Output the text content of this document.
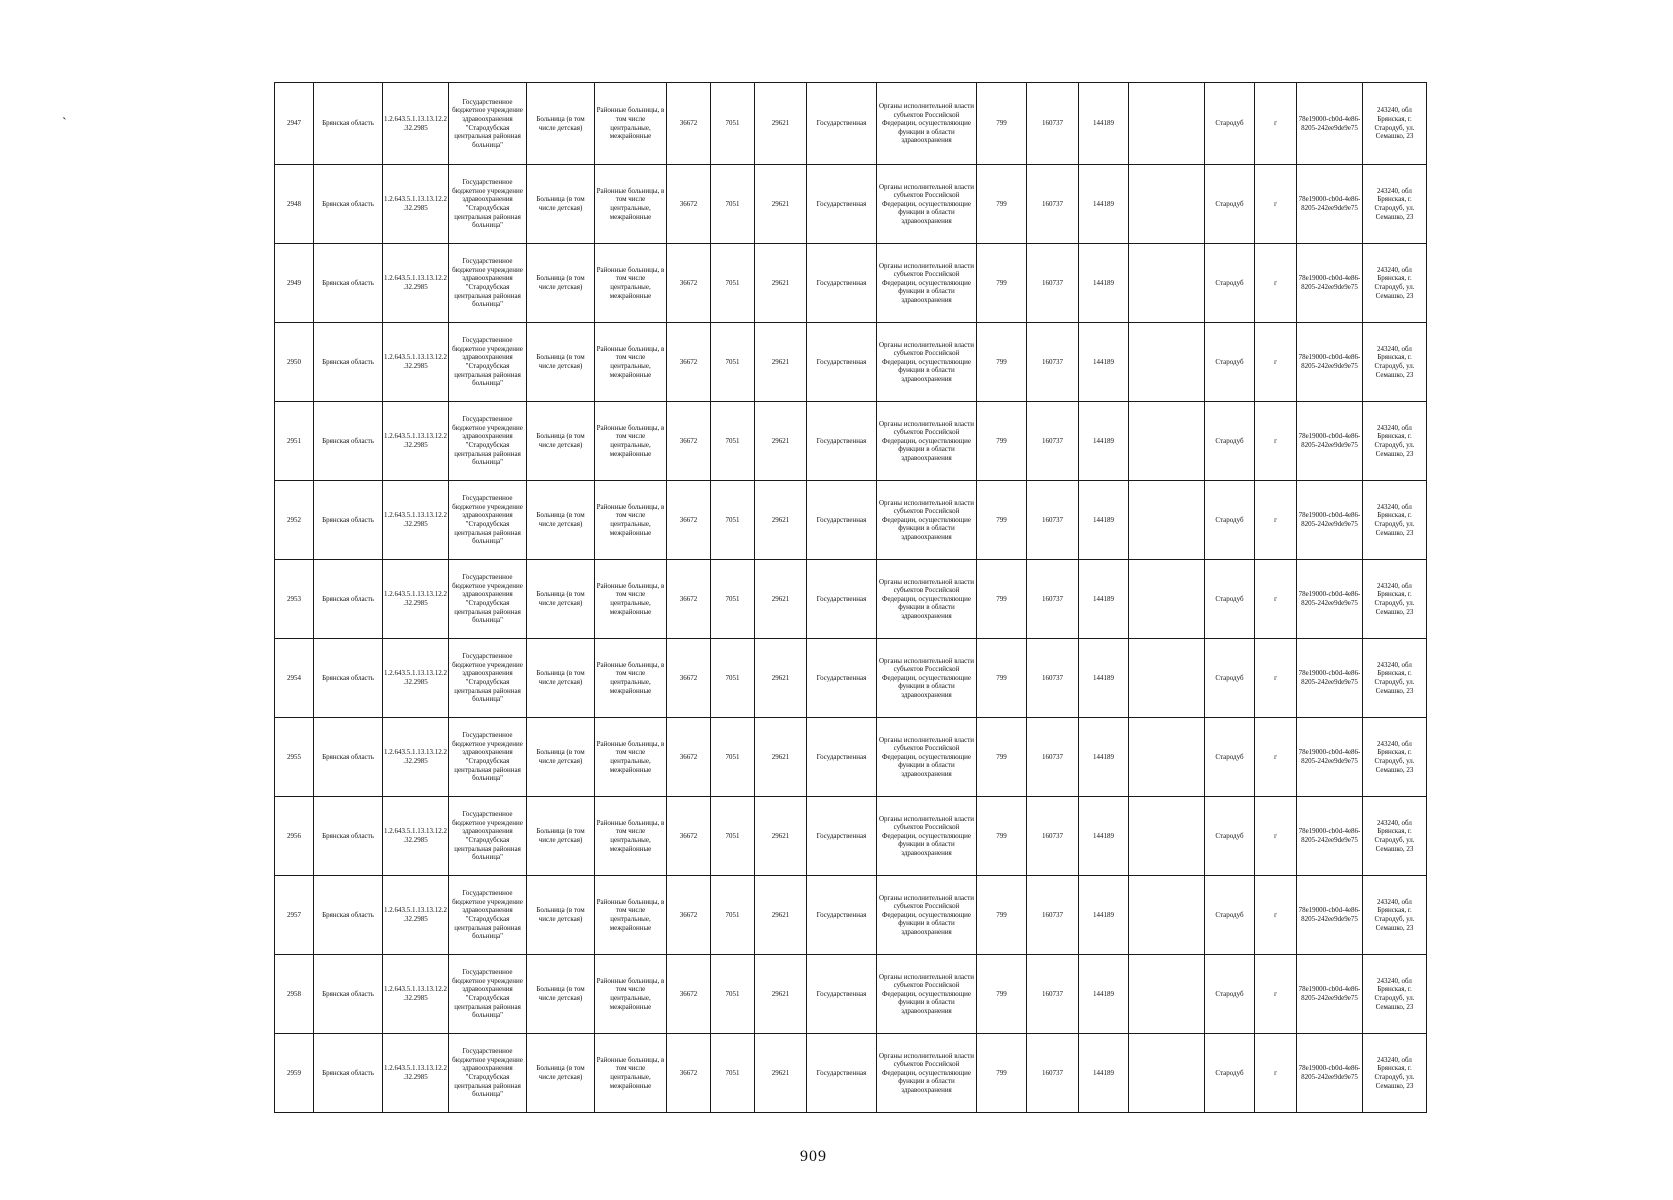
`	2947	Брянская область	1.2.643.5.1.13.13.12.2.32.2985	Государственное бюджетное учреждение здравоохранения "Стародубская центральная районная больница"	Больница (в том числе детская)	Районные больницы, в том числе центральные, межрайонные	36672	7051	29621	Государственная	Органы исполнительной власти субъектов Российской Федерации, осуществляющие функции в области здравоохранения	799	160737	144189		Стародуб	г	78e19000-cb0d-4e86-8205-242ee9de9e75	243240, обл Брянская, г. Стародуб, ул. Семашко, 23
2948	Брянская область	1.2.643.5.1.13.13.12.2.32.2985	Государственное бюджетное учреждение здравоохранения "Стародубская центральная районная больница"	Больница (в том числе детская)	Районные больницы, в том числе центральные, межрайонные	36672	7051	29621	Государственная	Органы исполнительной власти субъектов Российской Федерации, осуществляющие функции в области здравоохранения	799	160737	144189		Стародуб	г	78e19000-cb0d-4e86-8205-242ee9de9e75	243240, обл Брянская, г. Стародуб, ул. Семашко, 23
2949	Брянская область	1.2.643.5.1.13.13.12.2.32.2985	Государственное бюджетное учреждение здравоохранения "Стародубская центральная районная больница"	Больница (в том числе детская)	Районные больницы, в том числе центральные, межрайонные	36672	7051	29621	Государственная	Органы исполнительной власти субъектов Российской Федерации, осуществляющие функции в области здравоохранения	799	160737	144189		Стародуб	г	78e19000-cb0d-4e86-8205-242ee9de9e75	243240, обл Брянская, г. Стародуб, ул. Семашко, 23
2950	Брянская область	1.2.643.5.1.13.13.12.2.32.2985	Государственное бюджетное учреждение здравоохранения "Стародубская центральная районная больница"	Больница (в том числе детская)	Районные больницы, в том числе центральные, межрайонные	36672	7051	29621	Государственная	Органы исполнительной власти субъектов Российской Федерации, осуществляющие функции в области здравоохранения	799	160737	144189		Стародуб	г	78e19000-cb0d-4e86-8205-242ee9de9e75	243240, обл Брянская, г. Стародуб, ул. Семашко, 23
2951	Брянская область	1.2.643.5.1.13.13.12.2.32.2985	Государственное бюджетное учреждение здравоохранения "Стародубская центральная районная больница"	Больница (в том числе детская)	Районные больницы, в том числе центральные, межрайонные	36672	7051	29621	Государственная	Органы исполнительной власти субъектов Российской Федерации, осуществляющие функции в области здравоохранения	799	160737	144189		Стародуб	г	78e19000-cb0d-4e86-8205-242ee9de9e75	243240, обл Брянская, г. Стародуб, ул. Семашко, 23
2952	Брянская область	1.2.643.5.1.13.13.12.2.32.2985	Государственное бюджетное учреждение здравоохранения "Стародубская центральная районная больница"	Больница (в том числе детская)	Районные больницы, в том числе центральные, межрайонные	36672	7051	29621	Государственная	Органы исполнительной власти субъектов Российской Федерации, осуществляющие функции в области здравоохранения	799	160737	144189		Стародуб	г	78e19000-cb0d-4e86-8205-242ee9de9e75	243240, обл Брянская, г. Стародуб, ул. Семашко, 23
2953	Брянская область	1.2.643.5.1.13.13.12.2.32.2985	Государственное бюджетное учреждение здравоохранения "Стародубская центральная районная больница"	Больница (в том числе детская)	Районные больницы, в том числе центральные, межрайонные	36672	7051	29621	Государственная	Органы исполнительной власти субъектов Российской Федерации, осуществляющие функции в области здравоохранения	799	160737	144189		Стародуб	г	78e19000-cb0d-4e86-8205-242ee9de9e75	243240, обл Брянская, г. Стародуб, ул. Семашко, 23
2954	Брянская область	1.2.643.5.1.13.13.12.2.32.2985	Государственное бюджетное учреждение здравоохранения "Стародубская центральная районная больница"	Больница (в том числе детская)	Районные больницы, в том числе центральные, межрайонные	36672	7051	29621	Государственная	Органы исполнительной власти субъектов Российской Федерации, осуществляющие функции в области здравоохранения	799	160737	144189		Стародуб	г	78e19000-cb0d-4e86-8205-242ee9de9e75	243240, обл Брянская, г. Стародуб, ул. Семашко, 23
2955	Брянская область	1.2.643.5.1.13.13.12.2.32.2985	Государственное бюджетное учреждение здравоохранения "Стародубская центральная районная больница"	Больница (в том числе детская)	Районные больницы, в том числе центральные, межрайонные	36672	7051	29621	Государственная	Органы исполнительной власти субъектов Российской Федерации, осуществляющие функции в области здравоохранения	799	160737	144189		Стародуб	г	78e19000-cb0d-4e86-8205-242ee9de9e75	243240, обл Брянская, г. Стародуб, ул. Семашко, 23
2956	Брянская область	1.2.643.5.1.13.13.12.2.32.2985	Государственное бюджетное учреждение здравоохранения "Стародубская центральная районная больница"	Больница (в том числе детская)	Районные больницы, в том числе центральные, межрайонные	36672	7051	29621	Государственная	Органы исполнительной власти субъектов Российской Федерации, осуществляющие функции в области здравоохранения	799	160737	144189		Стародуб	г	78e19000-cb0d-4e86-8205-242ee9de9e75	243240, обл Брянская, г. Стародуб, ул. Семашко, 23
2957	Брянская область	1.2.643.5.1.13.13.12.2.32.2985	Государственное бюджетное учреждение здравоохранения "Стародубская центральная районная больница"	Больница (в том числе детская)	Районные больницы, в том числе центральные, межрайонные	36672	7051	29621	Государственная	Органы исполнительной власти субъектов Российской Федерации, осуществляющие функции в области здравоохранения	799	160737	144189		Стародуб	г	78e19000-cb0d-4e86-8205-242ee9de9e75	243240, обл Брянская, г. Стародуб, ул. Семашко, 23
2958	Брянская область	1.2.643.5.1.13.13.12.2.32.2985	Государственное бюджетное учреждение здравоохранения "Стародубская центральная районная больница"	Больница (в том числе детская)	Районные больницы, в том числе центральные, межрайонные	36672	7051	29621	Государственная	Органы исполнительной власти субъектов Российской Федерации, осуществляющие функции в области здравоохранения	799	160737	144189		Стародуб	г	78e19000-cb0d-4e86-8205-242ee9de9e75	243240, обл Брянская, г. Стародуб, ул. Семашко, 23
2959	Брянская область	1.2.643.5.1.13.13.12.2.32.2985	Государственное бюджетное учреждение здравоохранения "Стародубская центральная районная больница"	Больница (в том числе детская)	Районные больницы, в том числе центральные, межрайонные	36672	7051	29621	Государственная	Органы исполнительной власти субъектов Российской Федерации, осуществляющие функции в области здравоохранения	799	160737	144189		Стародуб	г	78e19000-cb0d-4e86-8205-242ee9de9e75	243240, обл Брянская, г. Стародуб, ул. Семашко, 23
909
